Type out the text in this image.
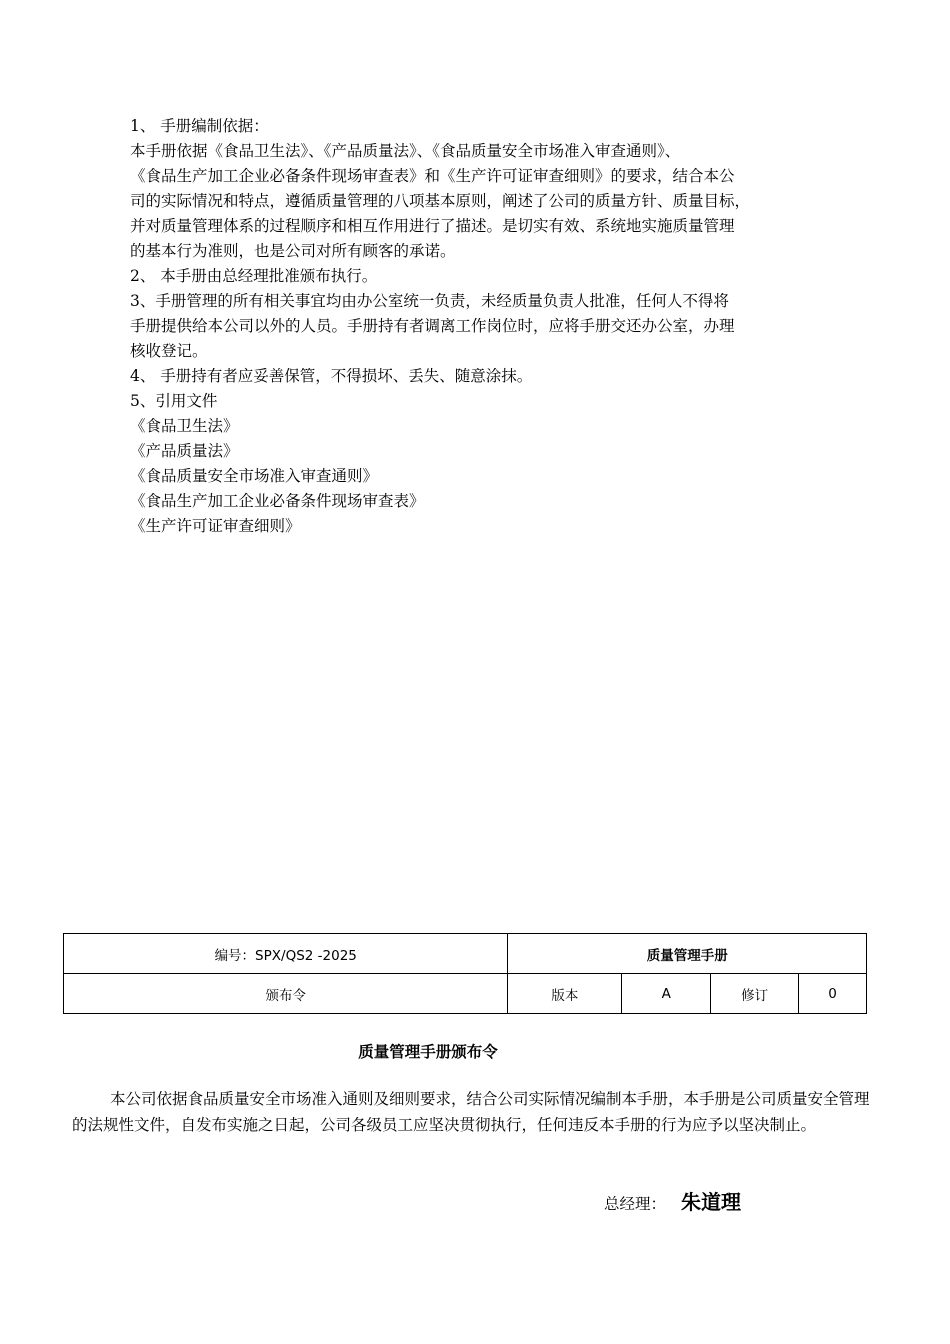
1、 手册编制依据：

本手册依据《食品卫生法》、《产品质量法》、《食品质量安全市场准入审查通则》、

《食品生产加工企业必备条件现场审查表》和《生产许可证审查细则》的要求，结合本公

司的实际情况和特点，遵循质量管理的八项基本原则，阐述了公司的质量方针、质量目标，

并对质量管理体系的过程顺序和相互作用进行了描述。是切实有效、系统地实施质量管理

的基本行为准则，也是公司对所有顾客的承诺。

2、 本手册由总经理批准颁布执行。

3、手册管理的所有相关事宜均由办公室统一负责，未经质量负责人批准，任何人不得将

手册提供给本公司以外的人员。手册持有者调离工作岗位时，应将手册交还办公室，办理

核收登记。

4、 手册持有者应妥善保管，不得损坏、丢失、随意涂抹。

5、引用文件

《食品卫生法》

《产品质量法》

《食品质量安全市场准入审查通则》

《食品生产加工企业必备条件现场审查表》

《生产许可证审查细则》

编号：SPX/QS2 -2025	质量管理手册			
颁布令	版本	A	修订	0
质量管理手册颁布令

本公司依据食品质量安全市场准入通则及细则要求，结合公司实际情况编制本手册，本手册是公司质量安全管理的法规性文件，自发布实施之日起，公司各级员工应坚决贯彻执行，任何违反本手册的行为应予以坚决制止。

总经理： 朱道理
